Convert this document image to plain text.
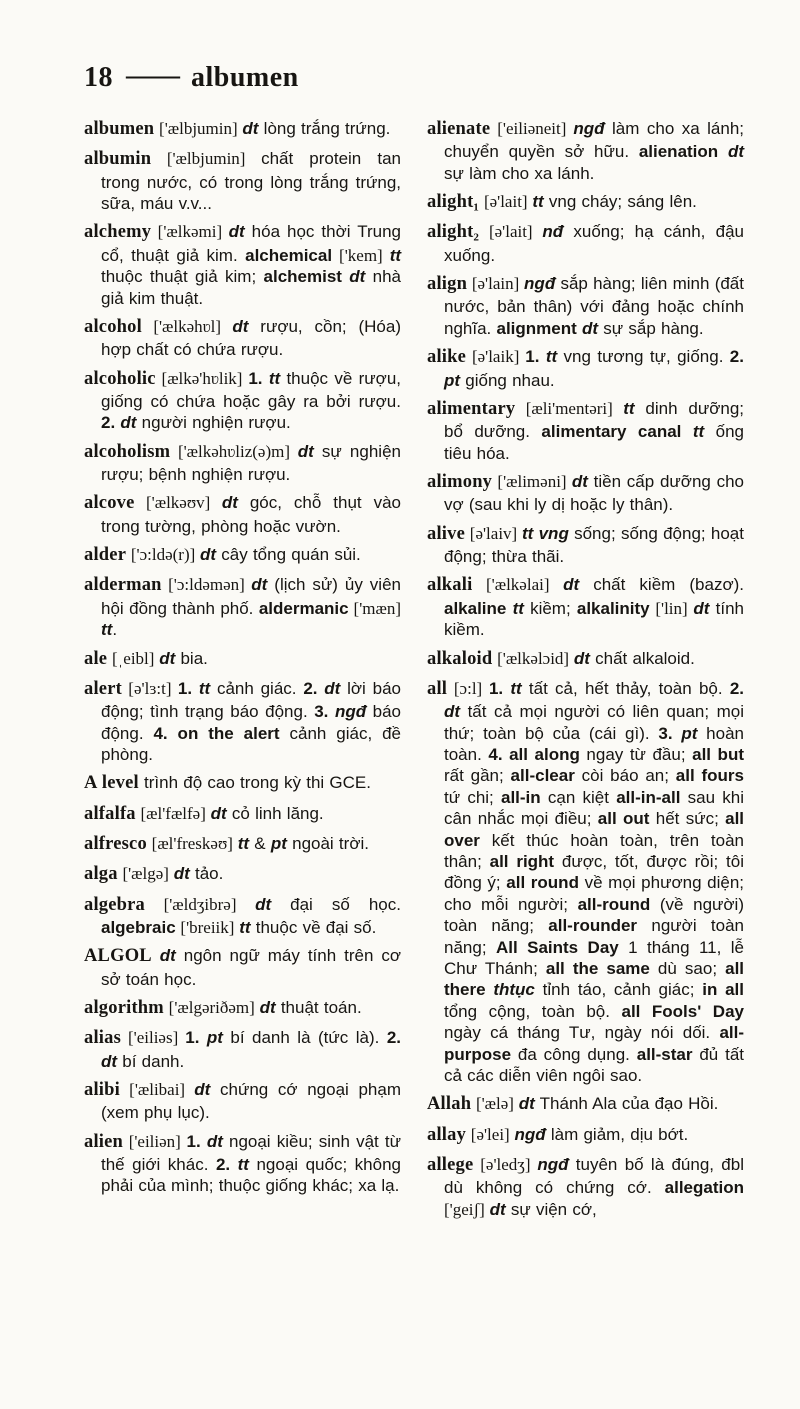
18 —— albumen

albumen ['ælbjumin] dt lòng trắng trứng.

albumin ['ælbjumin] chất protein tan trong nước, có trong lòng trắng trứng, sữa, máu v.v...

alchemy ['ælkəmi] dt hóa học thời Trung cổ, thuật giả kim. alchemical ['kem] tt thuộc thuật giả kim; alchemist dt nhà giả kim thuật.

alcohol ['ælkəhʋl] dt rượu, cồn; (Hóa) hợp chất có chứa rượu.

alcoholic [ælkə'hʋlik] 1. tt thuộc về rượu, giống có chứa hoặc gây ra bởi rượu. 2. dt người nghiện rượu.

alcoholism ['ælkəhʋliz(ə)m] dt sự nghiện rượu; bệnh nghiện rượu.

alcove ['ælkəʊv] dt góc, chỗ thụt vào trong tường, phòng hoặc vườn.

alder ['ɔ:ldə(r)] dt cây tổng quán sủi.

alderman ['ɔ:ldəmən] dt (lịch sử) ủy viên hội đồng thành phố. aldermanic ['mæn] tt.

ale [ˌeibl] dt bia.

alert [ə'lɜ:t] 1. tt cảnh giác. 2. dt lời báo động; tình trạng báo động. 3. ngđ báo động. 4. on the alert cảnh giác, đề phòng.

A level trình độ cao trong kỳ thi GCE.

alfalfa [æl'fælfə] dt cỏ linh lăng.

alfresco [æl'freskəʊ] tt & pt ngoài trời.

alga ['ælgə] dt tảo.

algebra ['ældʒibrə] dt đại số học. algebraic ['breiik] tt thuộc về đại số.

ALGOL dt ngôn ngữ máy tính trên cơ sở toán học.

algorithm ['ælgəriðəm] dt thuật toán.

alias ['eiliəs] 1. pt bí danh là (tức là). 2. dt bí danh.

alibi ['ælibai] dt chứng cớ ngoại phạm (xem phụ lục).

alien ['eiliən] 1. dt ngoại kiều; sinh vật từ thế giới khác. 2. tt ngoại quốc; không phải của mình; thuộc giống khác; xa lạ.

alienate ['eiliəneit] ngđ làm cho xa lánh; chuyển quyền sở hữu. alienation dt sự làm cho xa lánh.

alight₁ [ə'lait] tt vng cháy; sáng lên.

alight₂ [ə'lait] nđ xuống; hạ cánh, đậu xuống.

align [ə'lain] ngđ sắp hàng; liên minh (đất nước, bản thân) với đảng hoặc chính nghĩa. alignment dt sự sắp hàng.

alike [ə'laik] 1. tt vng tương tự, giống. 2. pt giống nhau.

alimentary [æli'mentəri] tt dinh dưỡng; bổ dưỡng. alimentary canal tt ống tiêu hóa.

alimony ['æliməni] dt tiền cấp dưỡng cho vợ (sau khi ly dị hoặc ly thân).

alive [ə'laiv] tt vng sống; sống động; hoạt động; thừa thãi.

alkali ['ælkəlai] dt chất kiềm (bazơ). alkaline tt kiềm; alkalinity ['lin] dt tính kiềm.

alkaloid ['ælkəlɔid] dt chất alkaloid.

all [ɔ:l] 1. tt tất cả, hết thảy, toàn bộ. 2. dt tất cả mọi người có liên quan; mọi thứ; toàn bộ của (cái gì). 3. pt hoàn toàn. 4. all along ngay từ đầu; all but rất gần; all-clear còi báo an; all fours tứ chi; all-in cạn kiệt all-in-all sau khi cân nhắc mọi điều; all out hết sức; all over kết thúc hoàn toàn, trên toàn thân; all right được, tốt, được rồi; tôi đồng ý; all round về mọi phương diện; cho mỗi người; all-round (về người) toàn năng; all-rounder người toàn năng; All Saints Day 1 tháng 11, lễ Chư Thánh; all the same dù sao; all there thtục tỉnh táo, cảnh giác; in all tổng cộng, toàn bộ. all Fools' Day ngày cá tháng Tư, ngày nói dối. all-purpose đa công dụng. all-star đủ tất cả các diễn viên ngôi sao.

Allah ['ælə] dt Thánh Ala của đạo Hồi.

allay [ə'lei] ngđ làm giảm, dịu bớt.

allege [ə'ledʒ] ngđ tuyên bố là đúng, đbl dù không có chứng cớ. allegation ['geiʃ] dt sự viện cớ,
